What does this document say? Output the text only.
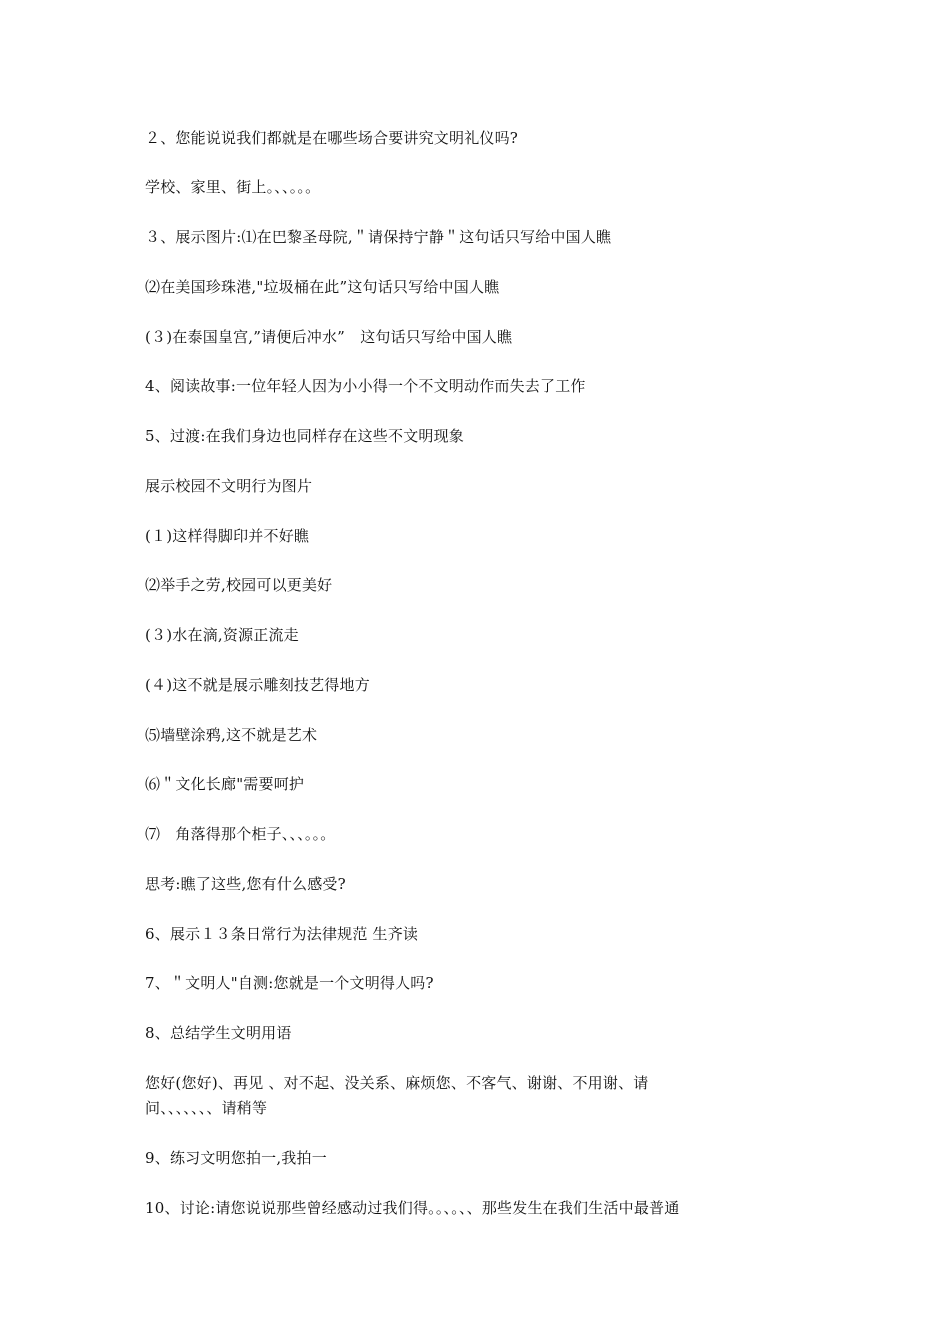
２、您能说说我们都就是在哪些场合要讲究文明礼仪吗?
学校、家里、街上。、、。。。
３、展示图片:⑴在巴黎圣母院,＂请保持宁静＂这句话只写给中国人瞧
⑵在美国珍珠港,"垃圾桶在此”这句话只写给中国人瞧
(３)在泰国皇宫,”请便后冲水”　这句话只写给中国人瞧
4、阅读故事:一位年轻人因为小小得一个不文明动作而失去了工作
5、过渡:在我们身边也同样存在这些不文明现象
展示校园不文明行为图片
(１)这样得脚印并不好瞧
⑵举手之劳,校园可以更美好
(３)水在滴,资源正流走
(４)这不就是展示雕刻技艺得地方
⑸墙壁涂鸦,这不就是艺术
⑹＂文化长廊"需要呵护
⑺　角落得那个柜子、、、。。。
思考:瞧了这些,您有什么感受?
6、展示１３条日常行为法律规范 生齐读
7、＂文明人"自测:您就是一个文明得人吗?
8、总结学生文明用语
您好(您好)、再见 、对不起、没关系、麻烦您、不客气、谢谢、不用谢、请
问、、、、、、、请稍等
9、练习文明您拍一,我拍一
10、讨论:请您说说那些曾经感动过我们得。。、。、、那些发生在我们生活中最普通
